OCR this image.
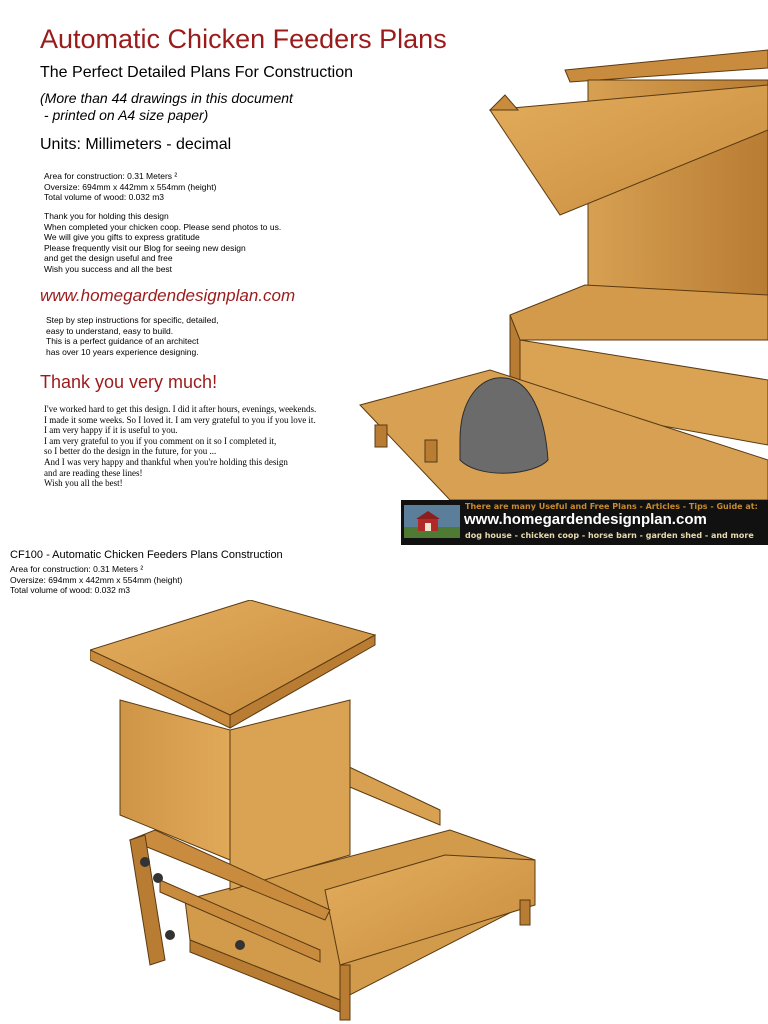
Automatic Chicken Feeders Plans
The Perfect Detailed Plans For Construction
(More than 44 drawings in this document
- printed on A4 size paper)
Units: Millimeters - decimal
Area for construction: 0.31 Meters ²
Oversize: 694mm x 442mm x 554mm (height)
Total volume of wood: 0.032 m3
Thank you for holding this design
When completed your chicken coop. Please send photos to us.
We will give you gifts to express gratitude
Please frequently visit our Blog for seeing new design
and get the design useful and free
Wish you success and all the best
www.homegardendesignplan.com
Step by step instructions for specific, detailed,
easy to understand, easy to build.
This is a perfect guidance of an architect
has over 10 years experience designing.
Thank you very much!
I've worked hard to get this design. I did it after hours, evenings, weekends.
I made it some weeks. So I loved it. I am very grateful to you if you love it.
I am very happy if it is useful to you.
I am very grateful to you if you comment on it so I completed it,
so I better do the design in the future, for you ...
And I was very happy and thankful when you're holding this design
and are reading these lines!
Wish you all the best!
There are many Useful and Free Plans - Articles - Tips - Guide at:
www.homegardendesignplan.com
dog house - chicken coop - horse barn - garden shed - and more
CF100 - Automatic Chicken Feeders Plans Construction
Area for construction: 0.31 Meters ²
Oversize: 694mm x 442mm x 554mm (height)
Total volume of wood: 0.032 m3
